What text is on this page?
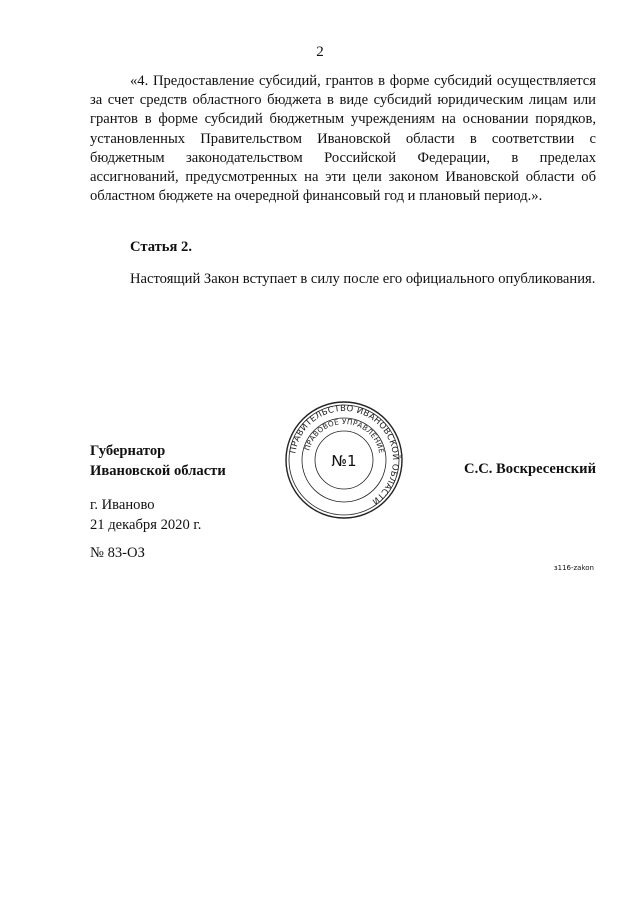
2

«4. Предоставление субсидий, грантов в форме субсидий осуществляется за счет средств областного бюджета в виде субсидий юридическим лицам или грантов в форме субсидий бюджетным учреждениям на основании порядков, установленных Правительством Ивановской области в соответствии с бюджетным законодательством Российской Федерации, в пределах ассигнований, предусмотренных на эти цели законом Ивановской области об областном бюджете на очередной финансовый год и плановый период.».

Статья 2.

Настоящий Закон вступает в силу после его официального опубликования.

Губернатор
Ивановской области
ПРАВИТЕЛЬСТВО ИВАНОВСКОЙ ОБЛАСТИ
ПРАВОВОЕ УПРАВЛЕНИЕ
№1	С.С. Воскресенский
г. Иваново
21 декабря 2020 г.
№ 83-ОЗ
з116-zakon
